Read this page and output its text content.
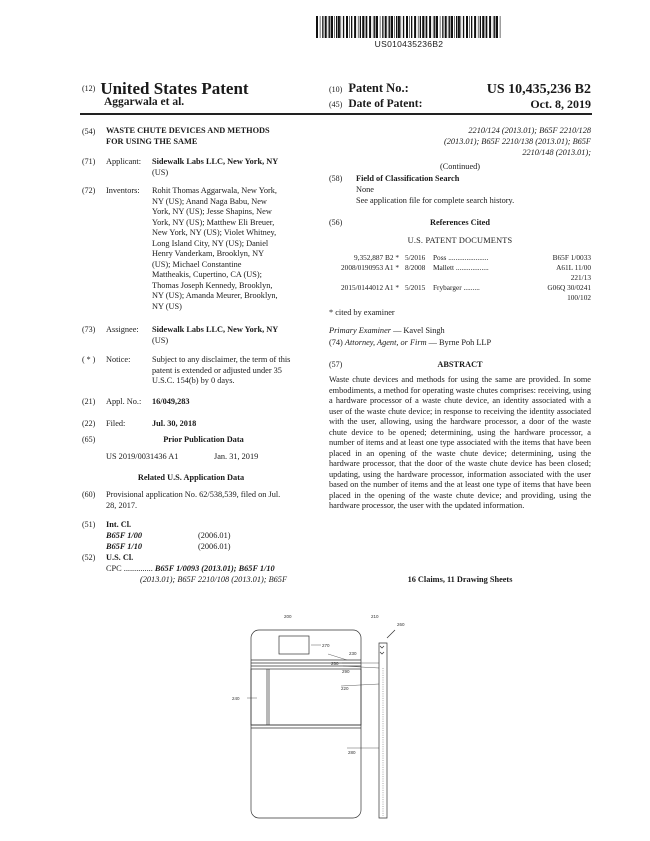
US010435236B2
(12) United States Patent
Aggarwala et al.
(10) Patent No.:	US 10,435,236 B2
(45) Date of Patent:	Oct. 8, 2019
(54)	WASTE CHUTE DEVICES AND METHODS
FOR USING THE SAME
(71)	Applicant: Sidewalk Labs LLC, New York, NY
(US)
(72)	Inventors: Rohit Thomas Aggarwala, New York,
NY (US); Anand Naga Babu, New
York, NY (US); Jesse Shapins, New
York, NY (US); Matthew Eli Breuer,
New York, NY (US); Violet Whitney,
Long Island City, NY (US); Daniel
Henry Vanderkam, Brooklyn, NY
(US); Michael Constantine
Mattheakis, Cupertino, CA (US);
Thomas Joseph Kennedy, Brooklyn,
NY (US); Amanda Meurer, Brooklyn,
NY (US)
(73)	Assignee: Sidewalk Labs LLC, New York, NY
(US)
( * )	Notice:	Subject to any disclaimer, the term of this
patent is extended or adjusted under 35
U.S.C. 154(b) by 0 days.
(21)	Appl. No.: 16/049,283
(22)	Filed:	Jul. 30, 2018
(65)	Prior Publication Data
US 2019/0031436 A1	Jan. 31, 2019
Related U.S. Application Data
(60)	Provisional application No. 62/538,539, filed on Jul.
28, 2017.
(51)	Int. Cl.
B65F 1/00	(2006.01)
B65F 1/10	(2006.01)
(52)	U.S. Cl.
CPC .............. B65F 1/0093 (2013.01); B65F 1/10
(2013.01); B65F 2210/108 (2013.01); B65F
2210/124 (2013.01); B65F 2210/128
(2013.01); B65F 2210/138 (2013.01); B65F
2210/148 (2013.01);
(Continued)
(58)	Field of Classification Search
None
See application file for complete search history.
(56)	References Cited
U.S. PATENT DOCUMENTS
9,352,887 B2 * 5/2016 Poss ......................	B65F 1/0033
2008/0190953 A1 * 8/2008 Mallett ..................	A61L 11/00
221/13
2015/0144012 A1 * 5/2015 Frybarger .........	G06Q 30/0241
100/102
* cited by examiner
Primary Examiner — Kavel Singh
(74) Attorney, Agent, or Firm — Byrne Poh LLP
(57)	ABSTRACT
Waste chute devices and methods for using the same are provided. In some embodiments, a method for operating waste chutes comprises: receiving, using a hardware processor of a waste chute device, an identity associated with a user of the waste chute device; in response to receiving the identity associated with the user, allowing, using the hardware processor, a door of the waste chute device to be opened; determining, using the hardware processor, a number of items and at least one type associated with the items that have been placed in an opening of the waste chute device; determining, using the hardware processor, that the door of the waste chute device has been closed; updating, using the hardware processor, information associated with the user based on the number of items and the at least one type of items that have been placed in the opening of the waste chute device; and providing, using the hardware processor, the user with the updated information.
16 Claims, 11 Drawing Sheets
200	210
260
270
230
250
290
240
220
280
